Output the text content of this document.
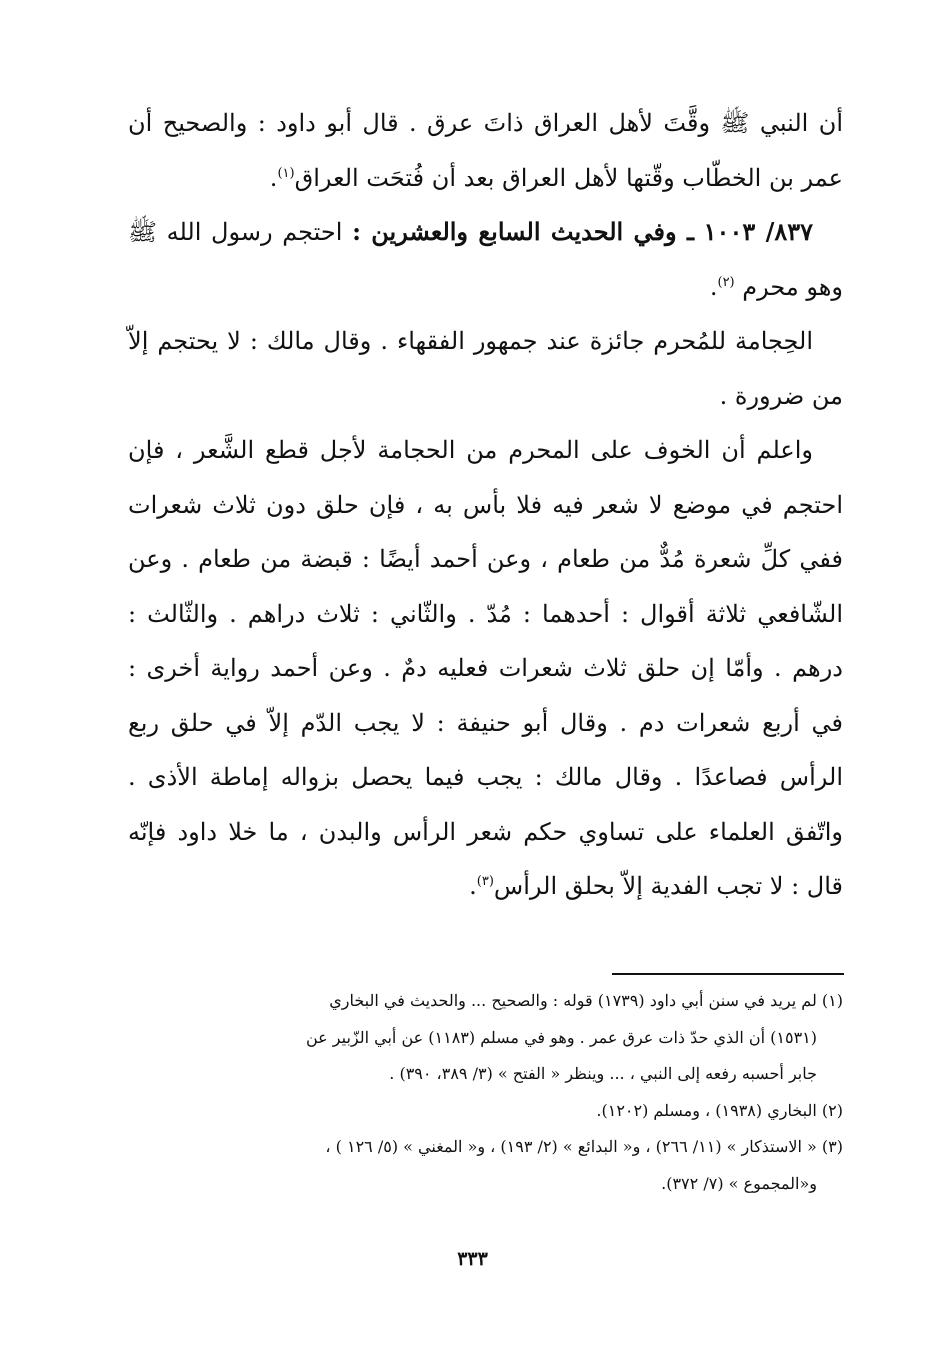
أن النبي ﷺ وقَّتَ لأهل العراق ذاتَ عرق . قال أبو داود : والصحيح أن عمر بن الخطّاب وقّتها لأهل العراق بعد أن فُتحَت العراق$^{(١)}$.

٨٣٧/ ١٠٠٣ ـ وفي الحديث السابع والعشرين : احتجم رسول الله ﷺ وهو محرم $^{(٢)}$.

الحِجامة للمُحرم جائزة عند جمهور الفقهاء . وقال مالك : لا يحتجم إلاّ من ضرورة .

واعلم أن الخوف على المحرم من الحجامة لأجل قطع الشَّعر ، فإن احتجم في موضع لا شعر فيه فلا بأس به ، فإن حلق دون ثلاث شعرات ففي كلِّ شعرة مُدٌّ من طعام ، وعن أحمد أيضًا : قبضة من طعام . وعن الشّافعي ثلاثة أقوال : أحدهما : مُدّ . والثّاني : ثلاث دراهم . والثّالث : درهم . وأمّا إن حلق ثلاث شعرات فعليه دمٌ . وعن أحمد رواية أخرى : في أربع شعرات دم . وقال أبو حنيفة : لا يجب الدّم إلاّ في حلق ربع الرأس فصاعدًا . وقال مالك : يجب فيما يحصل بزواله إماطة الأذى . واتّفق العلماء على تساوي حكم شعر الرأس والبدن ، ما خلا داود فإنّه قال : لا تجب الفدية إلاّ بحلق الرأس$^{(٣)}$.

(١) لم يريد في سنن أبي داود (١٧٣٩) قوله : والصحيح ... والحديث في البخاري

(١٥٣١) أن الذي حدّ ذات عرق عمر . وهو في مسلم (١١٨٣) عن أبي الزّبير عن

جابر أحسبه رفعه إلى النبي ، ... وينظر « الفتح » (٣/ ٣٨٩، ٣٩٠) .

(٢) البخاري (١٩٣٨) ، ومسلم (١٢٠٢).

(٣) « الاستذكار » (١١/ ٢٦٦) ، و« البدائع » (٢/ ١٩٣) ، و« المغني » (٥/ ١٢٦ ) ،

و«المجموع » (٧/ ٣٧٢).

٣٣٣
